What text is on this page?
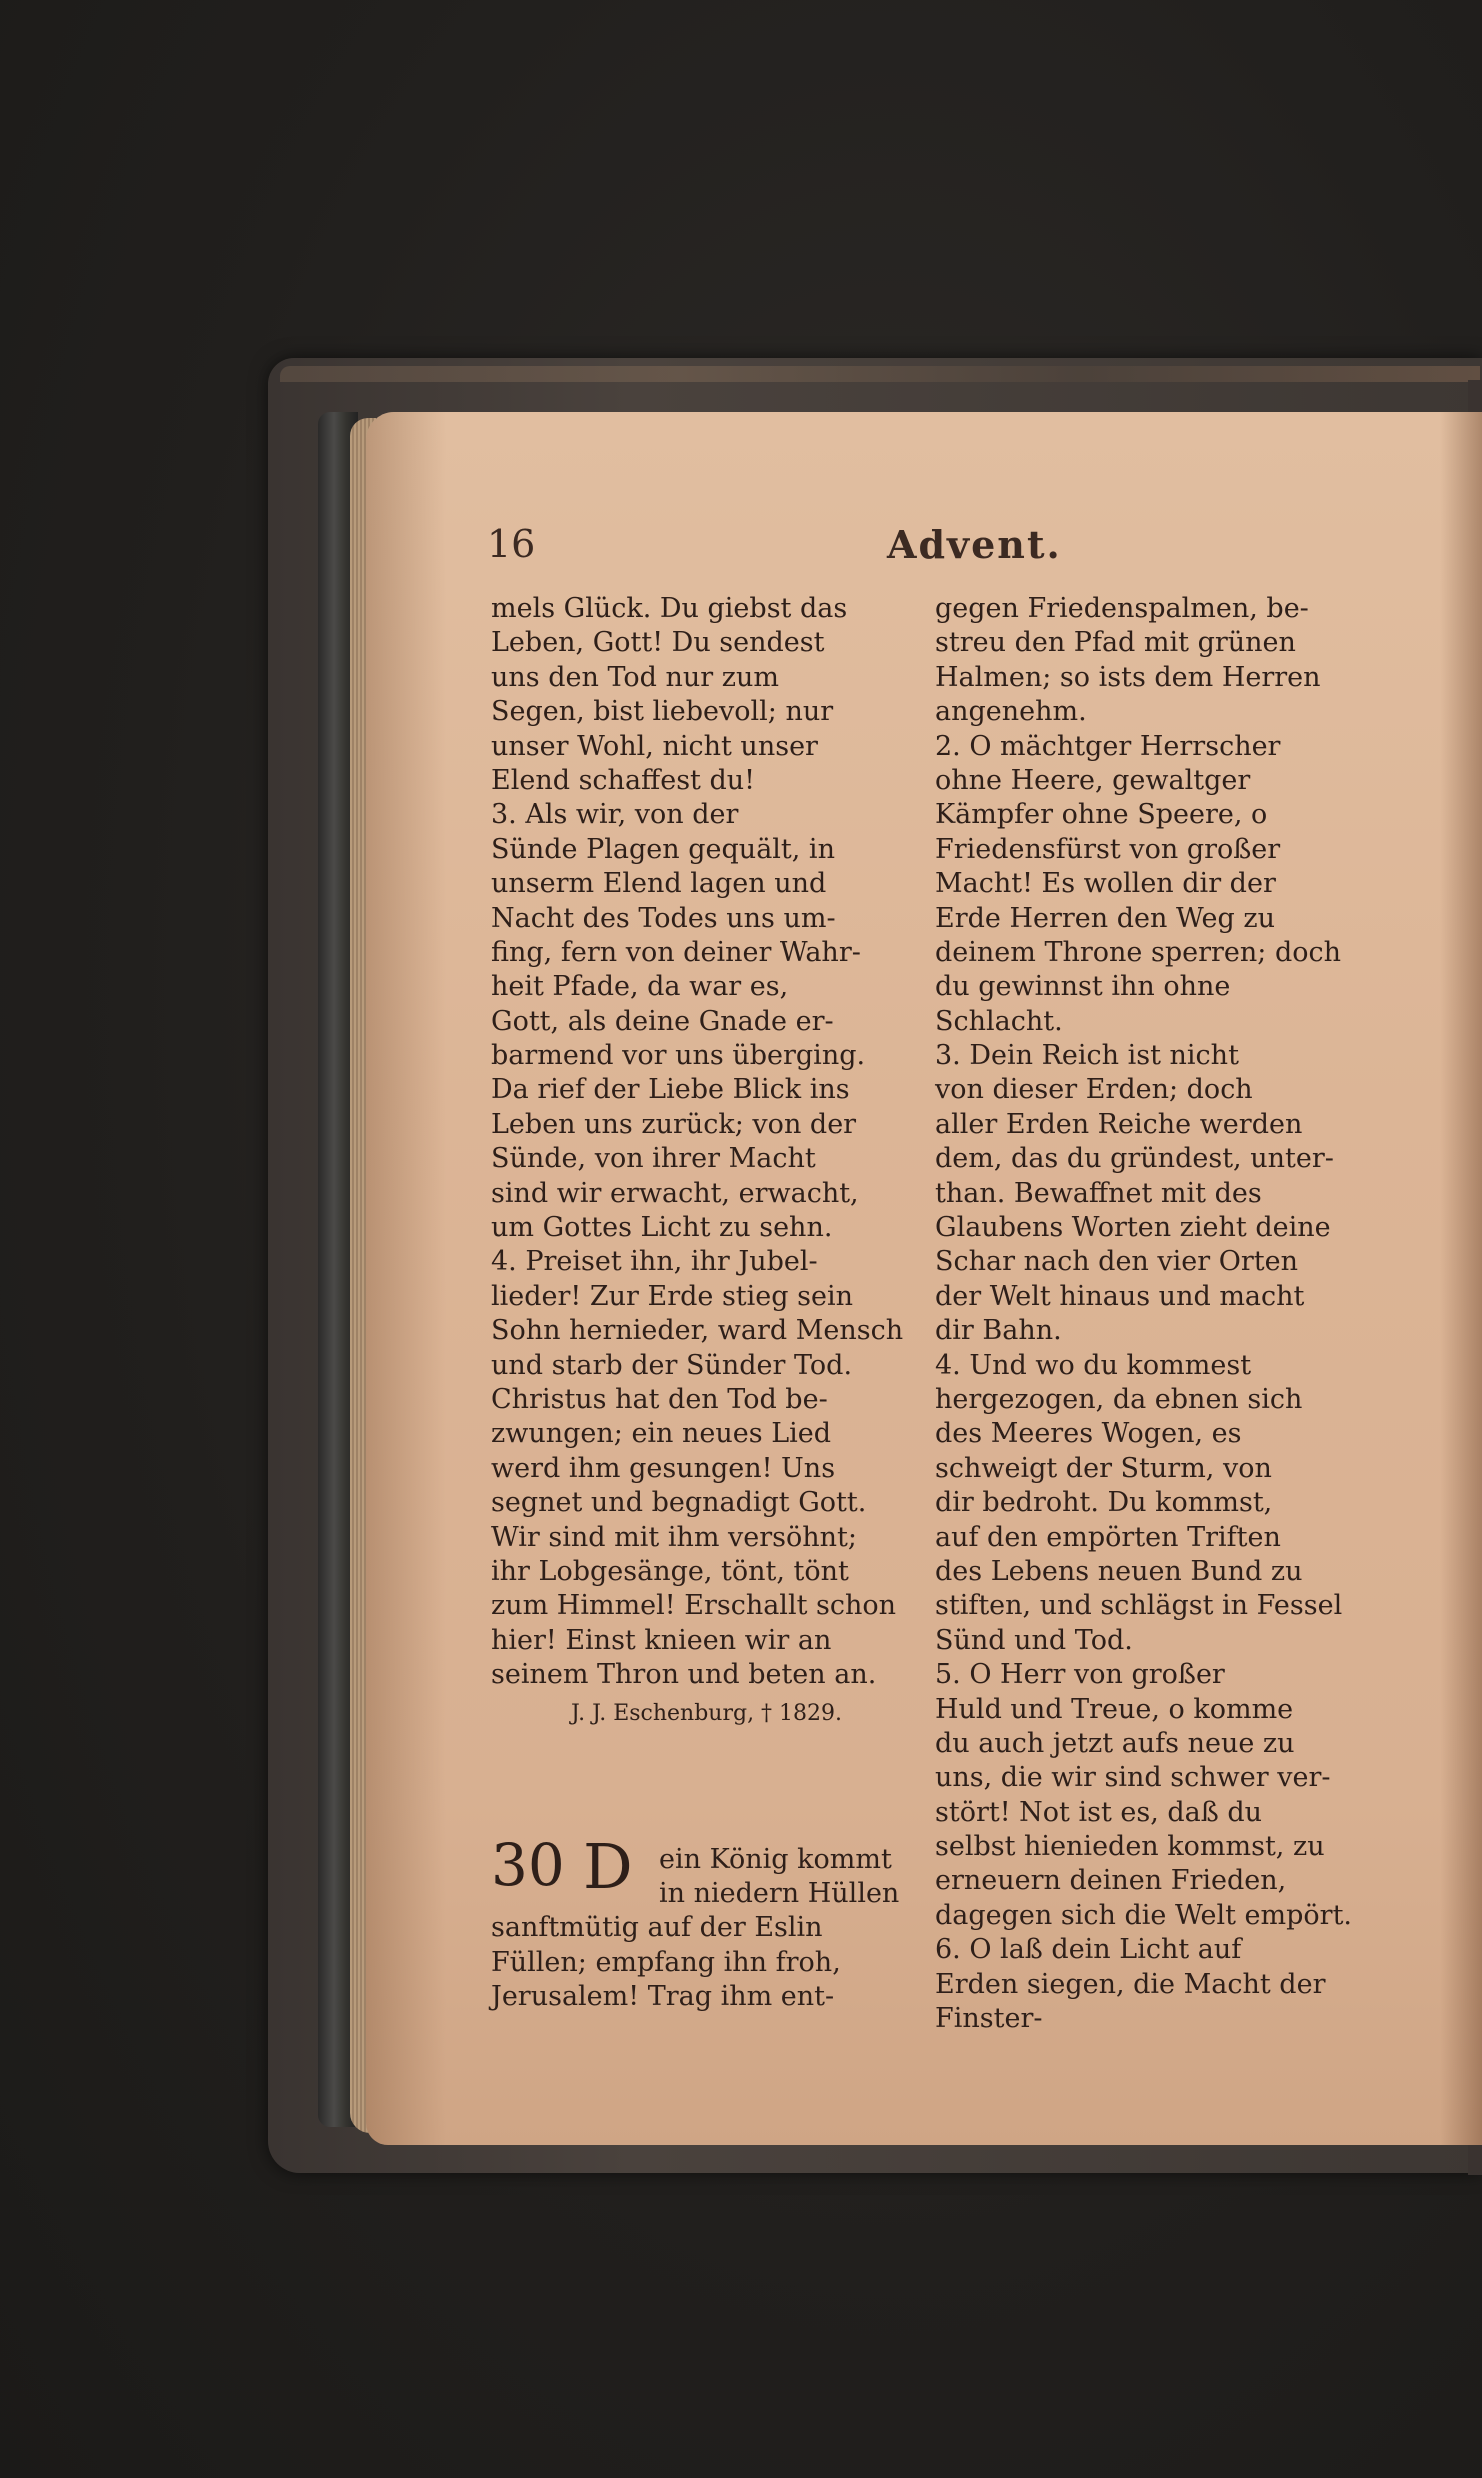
16	Advent.
mels Glück. Du giebst das
Leben, Gott! Du sendest
uns den Tod nur zum
Segen, bist liebevoll; nur
unser Wohl, nicht unser
Elend schaffest du!
3. Als wir, von der
Sünde Plagen gequält, in
unserm Elend lagen und
Nacht des Todes uns um-
fing, fern von deiner Wahr-
heit Pfade, da war es,
Gott, als deine Gnade er-
barmend vor uns überging.
Da rief der Liebe Blick ins
Leben uns zurück; von der
Sünde, von ihrer Macht
sind wir erwacht, erwacht,
um Gottes Licht zu sehn.
4. Preiset ihn, ihr Jubel-
lieder! Zur Erde stieg sein
Sohn hernieder, ward Mensch
und starb der Sünder Tod.
Christus hat den Tod be-
zwungen; ein neues Lied
werd ihm gesungen! Uns
segnet und begnadigt Gott.
Wir sind mit ihm versöhnt;
ihr Lobgesänge, tönt, tönt
zum Himmel! Erschallt schon
hier! Einst knieen wir an
seinem Thron und beten an.
J. J. Eschenburg, † 1829.
30 D ein König kommt
in niedern Hüllen
sanftmütig auf der Eslin
Füllen; empfang ihn froh,
Jerusalem! Trag ihm ent-
gegen Friedenspalmen, be-
streu den Pfad mit grünen
Halmen; so ists dem Herren
angenehm.
2. O mächtger Herrscher
ohne Heere, gewaltger
Kämpfer ohne Speere, o
Friedensfürst von großer
Macht! Es wollen dir der
Erde Herren den Weg zu
deinem Throne sperren; doch
du gewinnst ihn ohne
Schlacht.
3. Dein Reich ist nicht
von dieser Erden; doch
aller Erden Reiche werden
dem, das du gründest, unter-
than. Bewaffnet mit des
Glaubens Worten zieht deine
Schar nach den vier Orten
der Welt hinaus und macht
dir Bahn.
4. Und wo du kommest
hergezogen, da ebnen sich
des Meeres Wogen, es
schweigt der Sturm, von
dir bedroht. Du kommst,
auf den empörten Triften
des Lebens neuen Bund zu
stiften, und schlägst in Fessel
Sünd und Tod.
5. O Herr von großer
Huld und Treue, o komme
du auch jetzt aufs neue zu
uns, die wir sind schwer ver-
stört! Not ist es, daß du
selbst hienieden kommst, zu
erneuern deinen Frieden,
dagegen sich die Welt empört.
6. O laß dein Licht auf
Erden siegen, die Macht der
Finster-
